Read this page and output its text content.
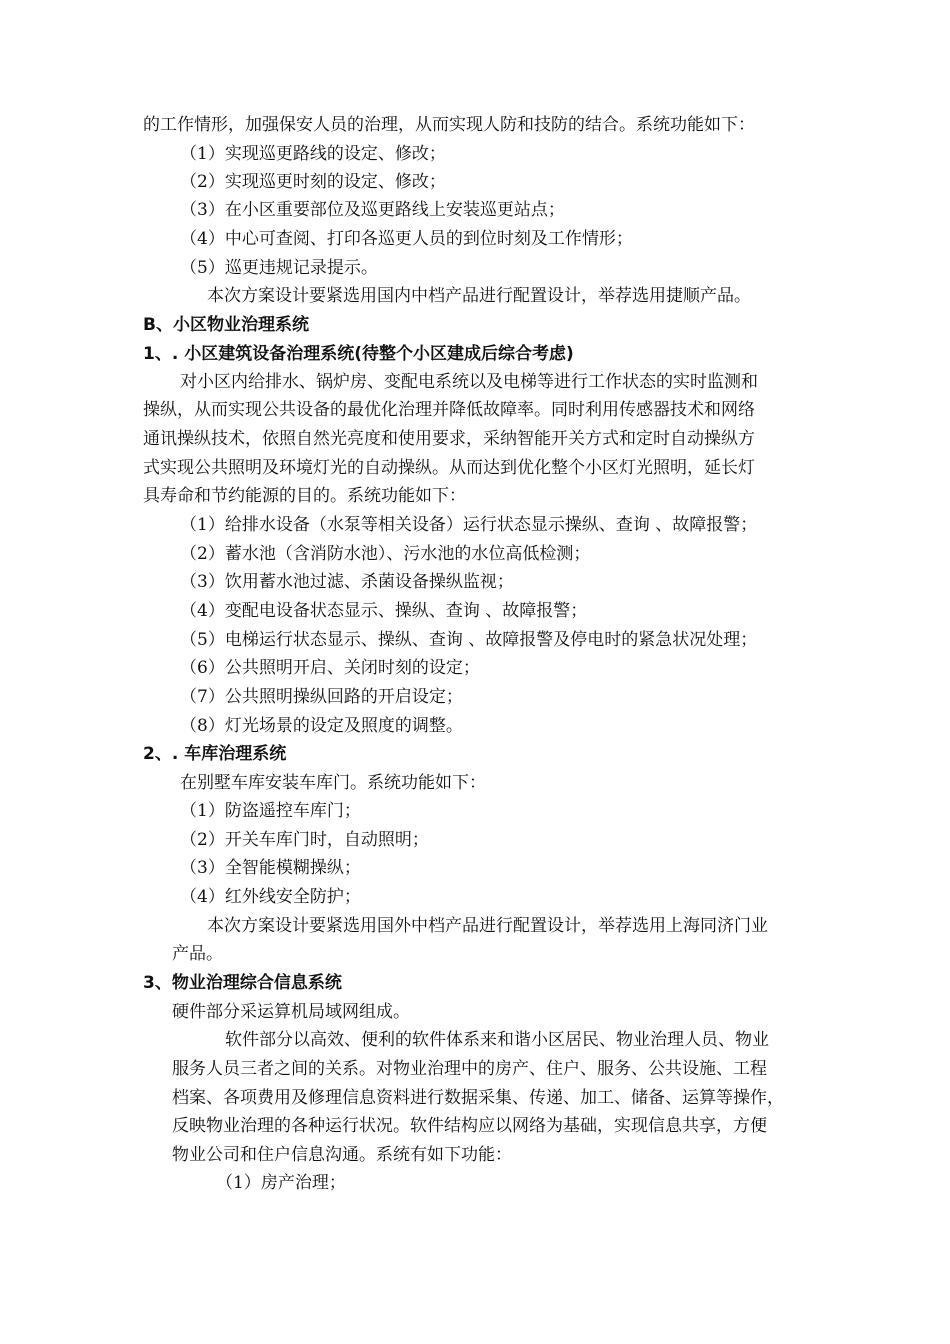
的工作情形，加强保安人员的治理，从而实现人防和技防的结合。系统功能如下：
（1）实现巡更路线的设定、修改；
（2）实现巡更时刻的设定、修改；
（3）在小区重要部位及巡更路线上安装巡更站点；
（4）中心可查阅、打印各巡更人员的到位时刻及工作情形；
（5）巡更违规记录提示。
本次方案设计要紧选用国内中档产品进行配置设计，举荐选用捷顺产品。
B、小区物业治理系统
1、. 小区建筑设备治理系统(待整个小区建成后综合考虑)
对小区内给排水、锅炉房、变配电系统以及电梯等进行工作状态的实时监测和
操纵，从而实现公共设备的最优化治理并降低故障率。同时利用传感器技术和网络
通讯操纵技术，依照自然光亮度和使用要求，采纳智能开关方式和定时自动操纵方
式实现公共照明及环境灯光的自动操纵。从而达到优化整个小区灯光照明，延长灯
具寿命和节约能源的目的。系统功能如下：
（1）给排水设备（水泵等相关设备）运行状态显示操纵、查询 、故障报警；
（2）蓄水池（含消防水池）、污水池的水位高低检测；
（3）饮用蓄水池过滤、杀菌设备操纵监视；
（4）变配电设备状态显示、操纵、查询 、故障报警；
（5）电梯运行状态显示、操纵、查询 、故障报警及停电时的紧急状况处理；
（6）公共照明开启、关闭时刻的设定；
（7）公共照明操纵回路的开启设定；
（8）灯光场景的设定及照度的调整。
2、. 车库治理系统
在别墅车库安装车库门。系统功能如下：
（1）防盗遥控车库门；
（2）开关车库门时，自动照明；
（3）全智能模糊操纵；
（4）红外线安全防护；
本次方案设计要紧选用国外中档产品进行配置设计，举荐选用上海同济门业
产品。
3、物业治理综合信息系统
硬件部分采运算机局域网组成。
软件部分以高效、便利的软件体系来和谐小区居民、物业治理人员、物业
服务人员三者之间的关系。对物业治理中的房产、住户、服务、公共设施、工程
档案、各项费用及修理信息资料进行数据采集、传递、加工、储备、运算等操作，
反映物业治理的各种运行状况。软件结构应以网络为基础，实现信息共享，方便
物业公司和住户信息沟通。系统有如下功能：
（1）房产治理；
